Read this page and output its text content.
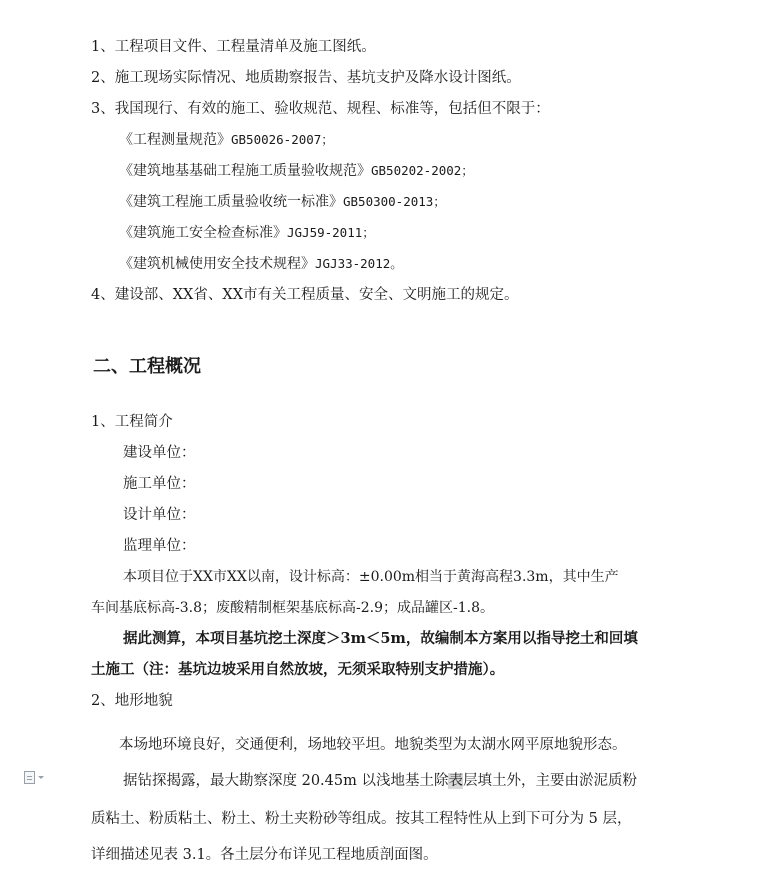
1、工程项目文件、工程量清单及施工图纸。
2、施工现场实际情况、地质勘察报告、基坑支护及降水设计图纸。
3、我国现行、有效的施工、验收规范、规程、标准等，包括但不限于：
《工程测量规范》GB50026-2007；
《建筑地基基础工程施工质量验收规范》GB50202-2002；
《建筑工程施工质量验收统一标准》GB50300-2013；
《建筑施工安全检查标准》JGJ59-2011；
《建筑机械使用安全技术规程》JGJ33-2012。
4、建设部、XX省、XX市有关工程质量、安全、文明施工的规定。
二、工程概况
1、工程简介
建设单位：
施工单位：
设计单位：
监理单位：
本项目位于XX市XX以南，设计标高：±0.00m相当于黄海高程3.3m，其中生产
车间基底标高-3.8；废酸精制框架基底标高-2.9；成品罐区-1.8。
据此测算，本项目基坑挖土深度＞3m＜5m，故编制本方案用以指导挖土和回填
土施工（注：基坑边坡采用自然放坡，无须采取特别支护措施）。
2、地形地貌
本场地环境良好，交通便利，场地较平坦。地貌类型为太湖水网平原地貌形态。
据钻探揭露，最大勘察深度 20.45m 以浅地基土除表层填土外，主要由淤泥质粉
质粘土、粉质粘土、粉土、粉土夹粉砂等组成。按其工程特性从上到下可分为 5 层，
详细描述见表 3.1。各土层分布详见工程地质剖面图。
